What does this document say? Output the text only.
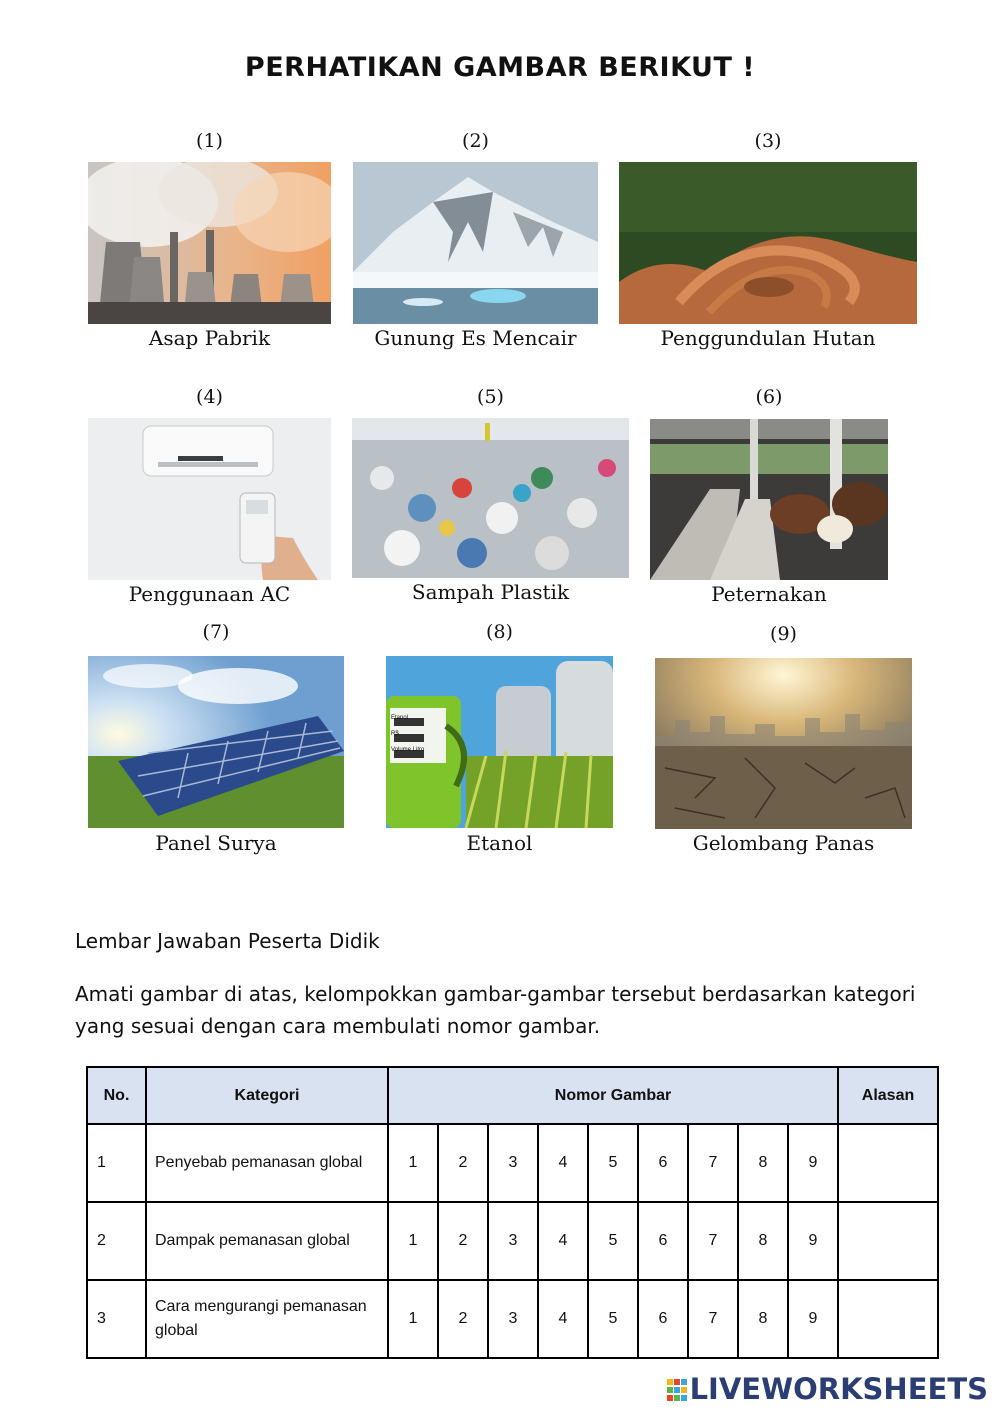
PERHATIKAN GAMBAR BERIKUT !
(1)
Asap Pabrik
(2)
Gunung Es Mencair
(3)
Penggundulan Hutan
(4)
Penggunaan AC
(5)
Sampah Plastik
(6)
Peternakan
(7)
Panel Surya
(8)
Etanol
R$
Volume Litro
Etanol
(9)
Gelombang Panas
Lembar Jawaban Peserta Didik
Amati gambar di atas, kelompokkan gambar-gambar tersebut berdasarkan kategori yang sesuai dengan cara membulati nomor gambar.
No.	Kategori	Nomor Gambar									Alasan
1	Penyebab pemanasan global	1	2	3	4	5	6	7	8	9	
2	Dampak pemanasan global	1	2	3	4	5	6	7	8	9	
3	Cara mengurangi pemanasan global	1	2	3	4	5	6	7	8	9	
LIVEWORKSHEETS
